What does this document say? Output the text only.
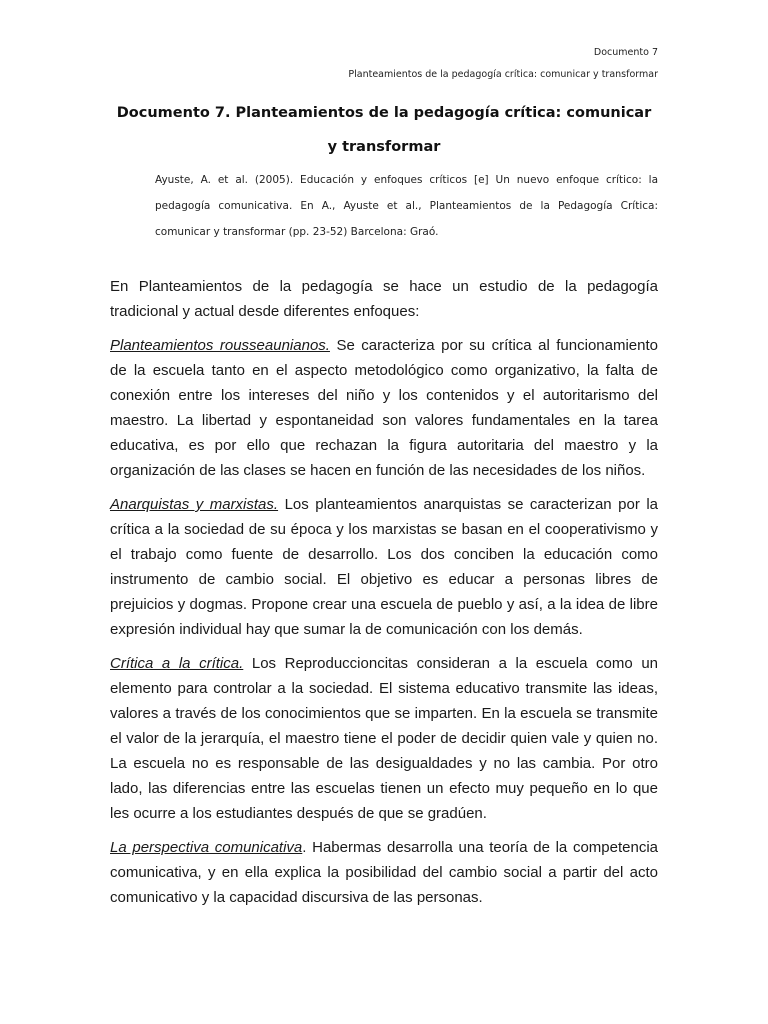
Documento 7
Planteamientos de la pedagogía crítica: comunicar y transformar
Documento 7. Planteamientos de la pedagogía crítica: comunicar y transformar
Ayuste, A. et al. (2005). Educación y enfoques críticos [e] Un nuevo enfoque crítico: la pedagogía comunicativa. En A., Ayuste et al., Planteamientos de la Pedagogía Crítica: comunicar y transformar (pp. 23-52) Barcelona: Graó.

En Planteamientos de la pedagogía se hace un estudio de la pedagogía tradicional y actual desde diferentes enfoques:

Planteamientos rousseaunianos. Se caracteriza por su crítica al funcionamiento de la escuela tanto en el aspecto metodológico como organizativo, la falta de conexión entre los intereses del niño y los contenidos y el autoritarismo del maestro. La libertad y espontaneidad son valores fundamentales en la tarea educativa, es por ello que rechazan la figura autoritaria del maestro y la organización de las clases se hacen en función de las necesidades de los niños.

Anarquistas y marxistas. Los planteamientos anarquistas se caracterizan por la crítica a la sociedad de su época y los marxistas se basan en el cooperativismo y el trabajo como fuente de desarrollo. Los dos conciben la educación como instrumento de cambio social. El objetivo es educar a personas libres de prejuicios y dogmas. Propone crear una escuela de pueblo y así, a la idea de libre expresión individual hay que sumar la de comunicación con los demás.

Crítica a la crítica. Los Reproduccioncitas consideran a la escuela como un elemento para controlar a la sociedad. El sistema educativo transmite las ideas, valores a través de los conocimientos que se imparten. En la escuela se transmite el valor de la jerarquía, el maestro tiene el poder de decidir quien vale y quien no. La escuela no es responsable de las desigualdades y no las cambia. Por otro lado, las diferencias entre las escuelas tienen un efecto muy pequeño en lo que les ocurre a los estudiantes después de que se gradúen.

La perspectiva comunicativa. Habermas desarrolla una teoría de la competencia comunicativa, y en ella explica la posibilidad del cambio social a partir del acto comunicativo y la capacidad discursiva de las personas.
